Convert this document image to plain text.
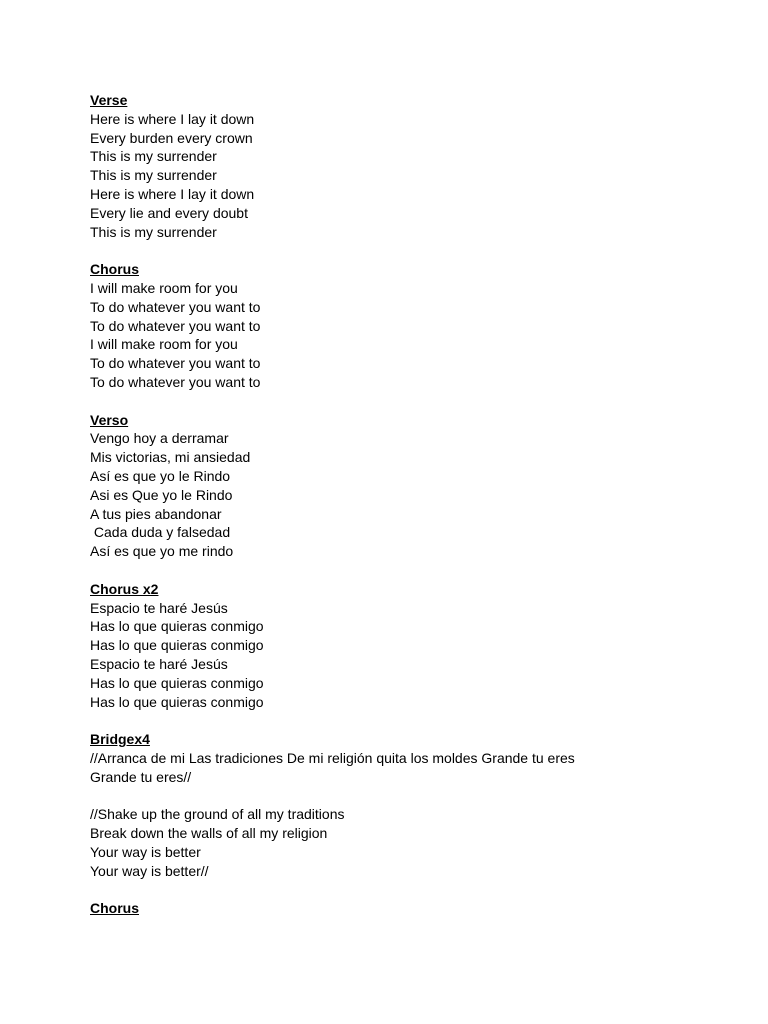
Verse
Here is where I lay it down
Every burden every crown
This is my surrender
This is my surrender
Here is where I lay it down
Every lie and every doubt
This is my surrender
Chorus
I will make room for you
To do whatever you want to
To do whatever you want to
I will make room for you
To do whatever you want to
To do whatever you want to
Verso
Vengo hoy a derramar
Mis victorias, mi ansiedad
Así es que yo le Rindo
Asi es Que yo le Rindo
A tus pies abandonar
Cada duda y falsedad
Así es que yo me rindo
Chorus x2
Espacio te haré Jesús
Has lo que quieras conmigo
Has lo que quieras conmigo
Espacio te haré Jesús
Has lo que quieras conmigo
Has lo que quieras conmigo
Bridgex4
//Arranca de mi Las tradiciones De mi religión quita los moldes Grande tu eres Grande tu eres//
//Shake up the ground of all my traditions
Break down the walls of all my religion
Your way is better
Your way is better//
Chorus
